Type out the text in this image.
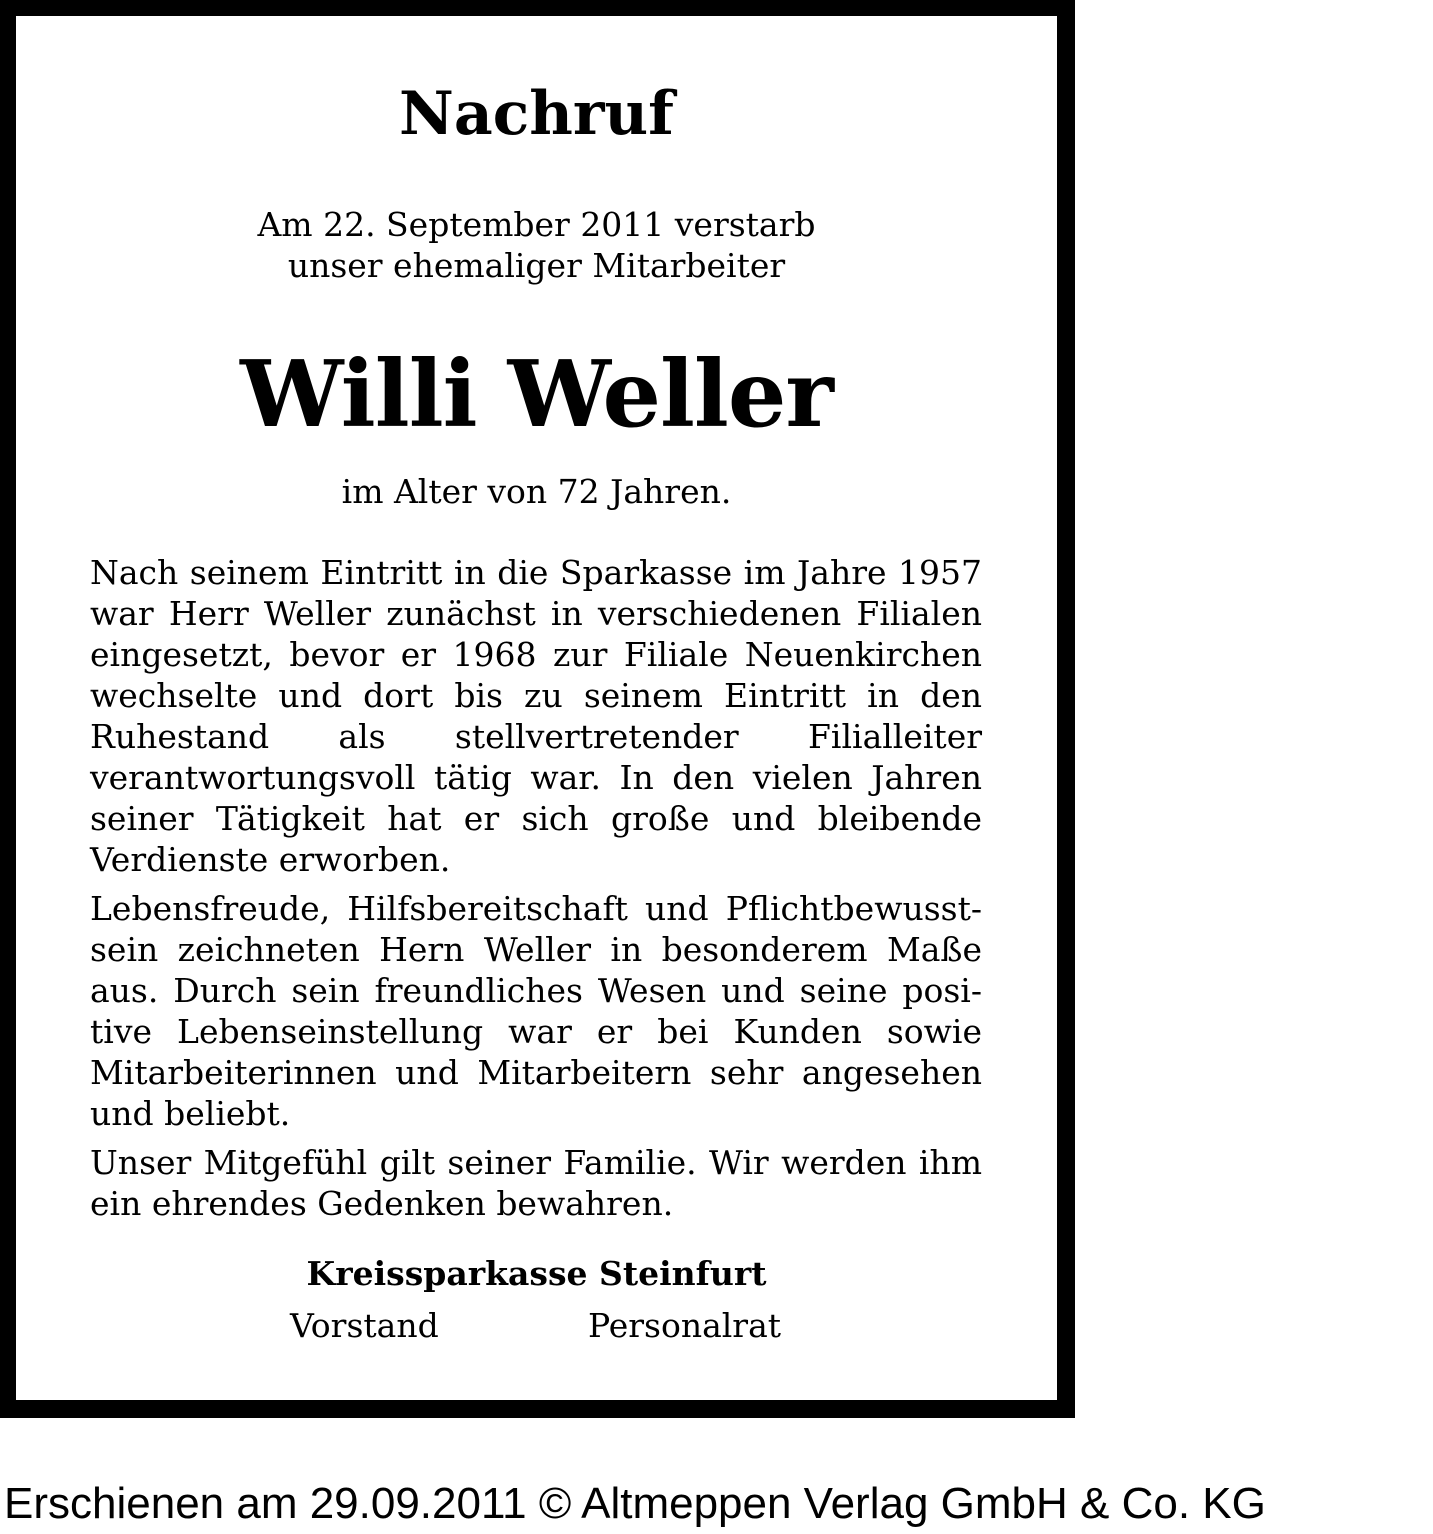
Nachruf
Am 22. September 2011 verstarb
unser ehemaliger Mitarbeiter
Willi Weller
im Alter von 72 Jahren.

Nach seinem Eintritt in die Sparkasse im Jahre 1957 war Herr Weller zunächst in verschiedenen Filialen eingesetzt, bevor er 1968 zur Filiale Neuenkirchen wechselte und dort bis zu seinem Eintritt in den Ruhestand als stellvertretender Filialleiter verantwortungsvoll tätig war. In den vielen Jahren seiner Tätigkeit hat er sich große und bleibende Verdienste erworben.

Lebensfreude, Hilfsbereitschaft und Pflichtbewusstsein zeichneten Hern Weller in besonderem Maße aus. Durch sein freundliches Wesen und seine positive Lebenseinstellung war er bei Kunden sowie Mitarbeiterinnen und Mitarbeitern sehr angesehen und beliebt.

Unser Mitgefühl gilt seiner Familie. Wir werden ihm ein ehrendes Gedenken bewahren.

Kreissparkasse Steinfurt
Vorstand	Personalrat
Erschienen am 29.09.2011 © Altmeppen Verlag GmbH & Co. KG
